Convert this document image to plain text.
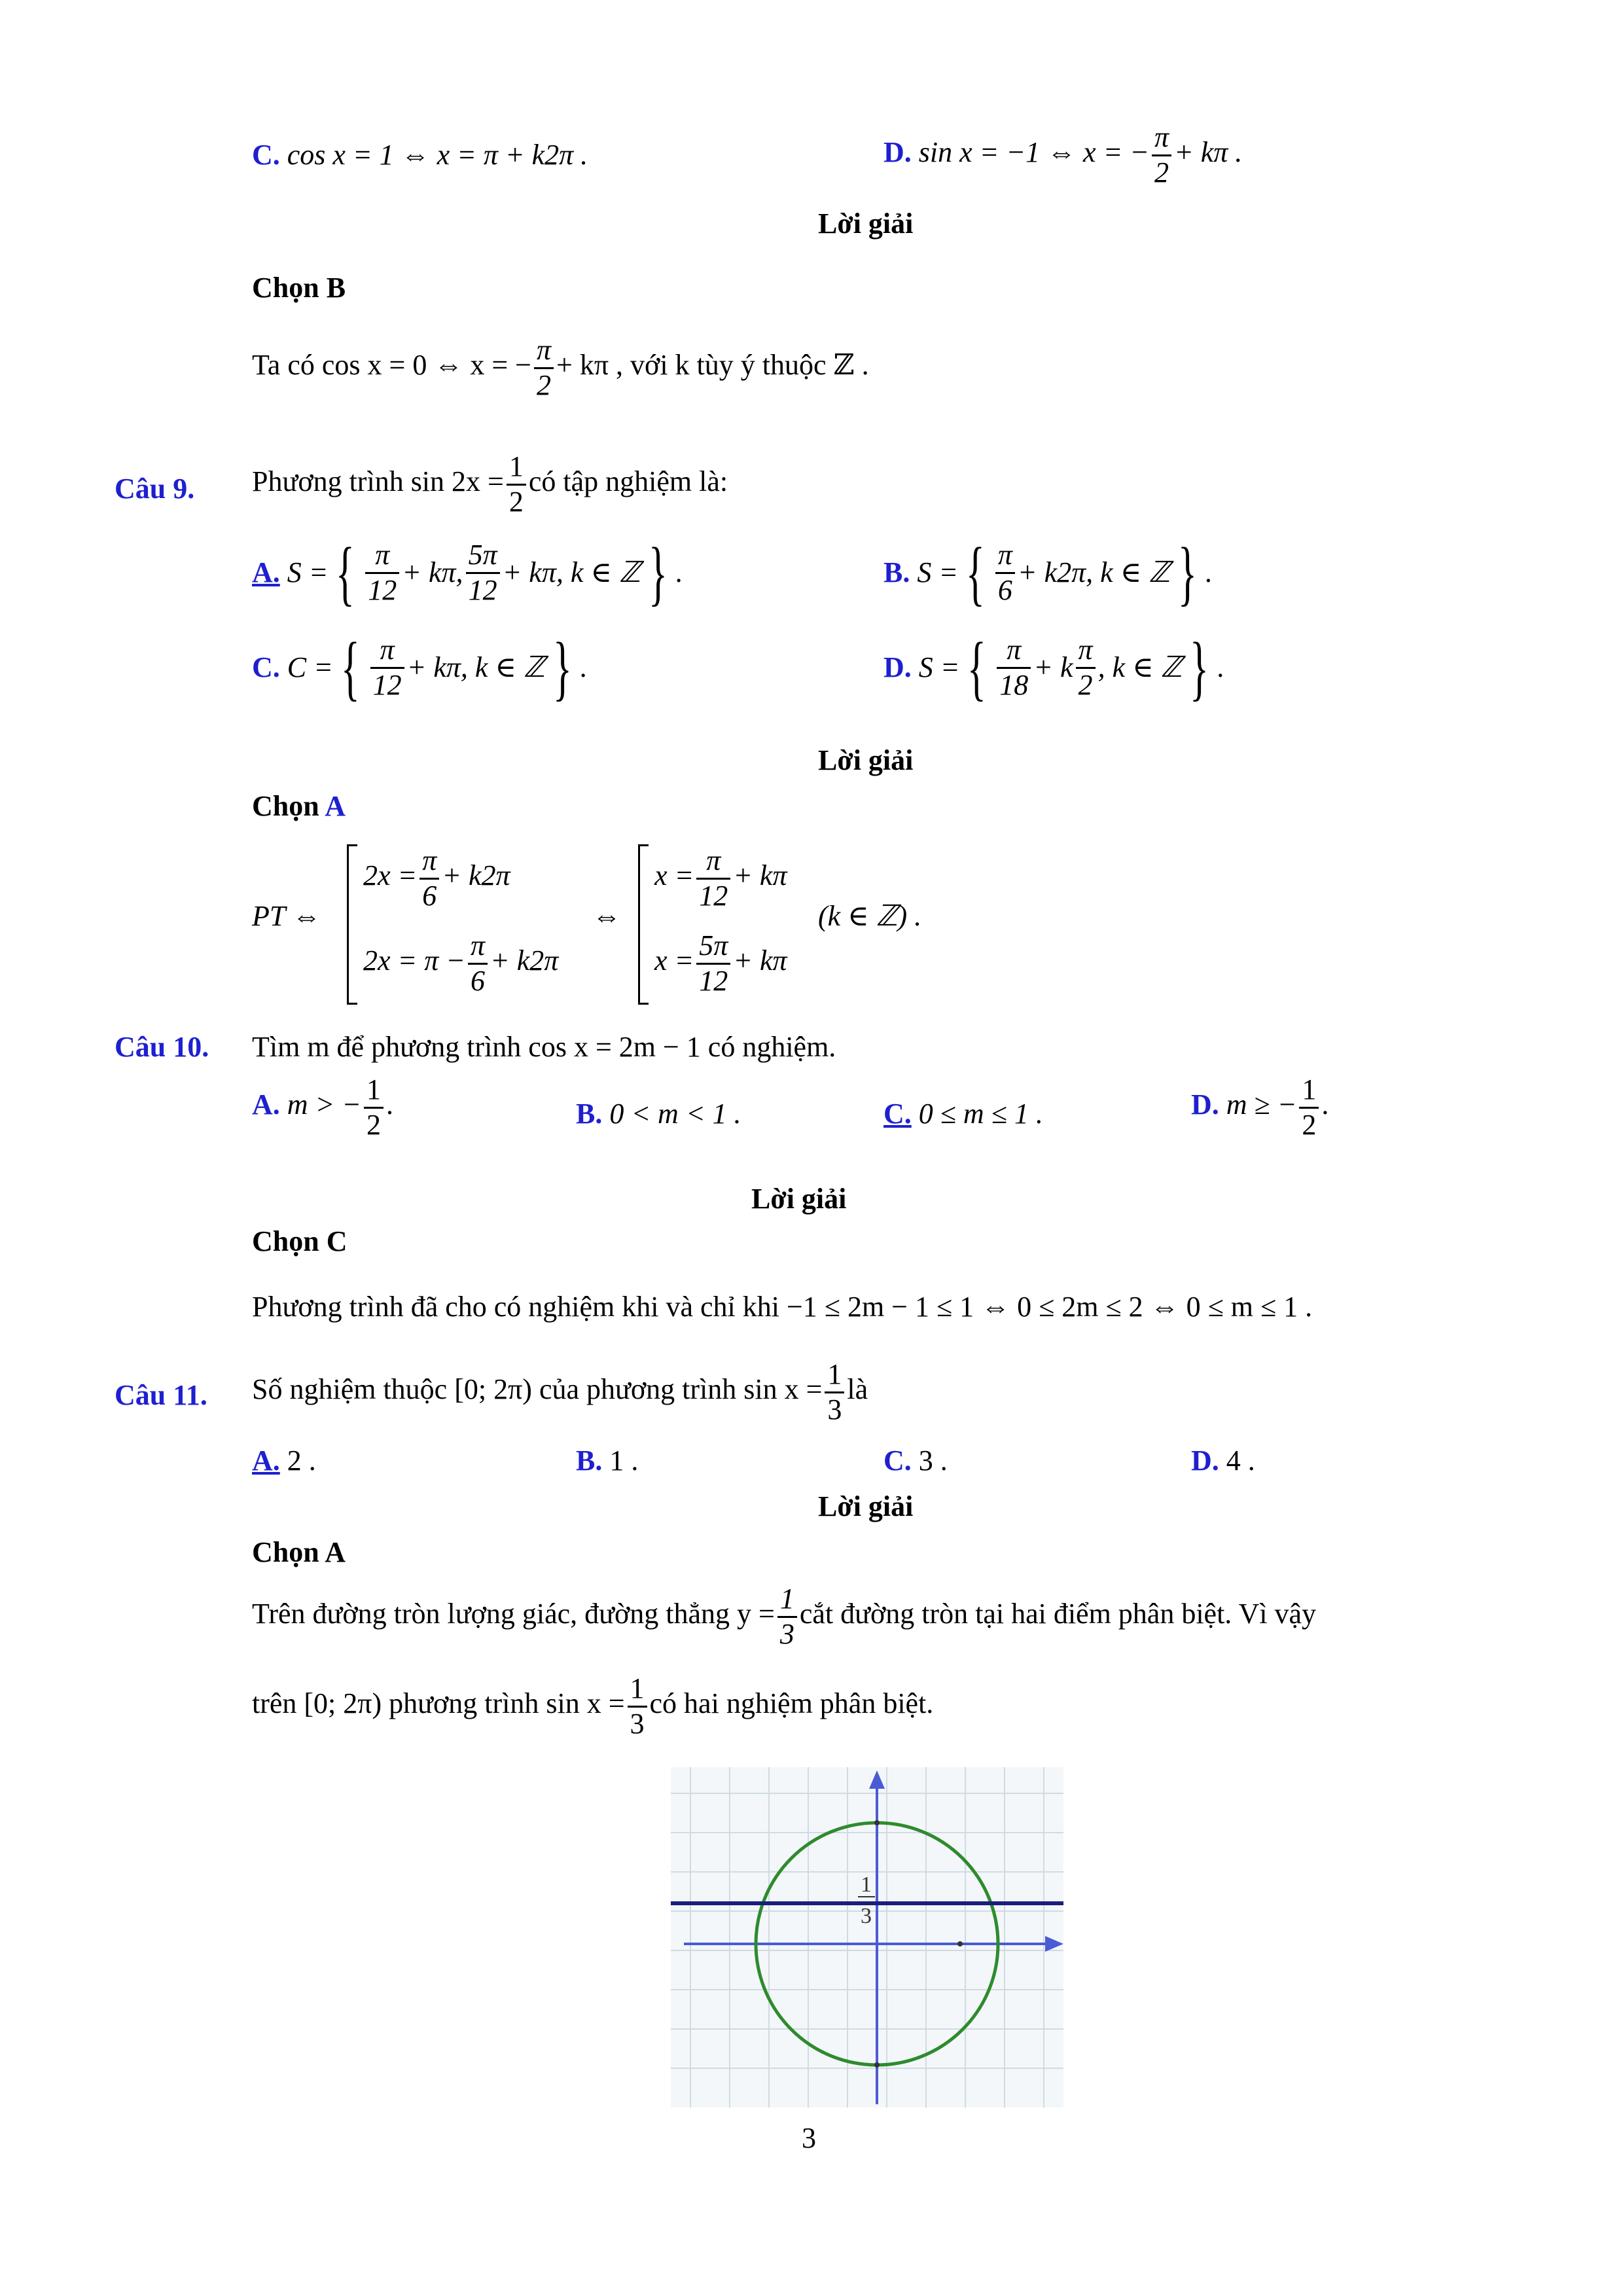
C. cos x = 1 ⇔ x = π + k2π .	D. sin x = −1 ⇔ x = − $\frac{\pi}{2} + k\pi$ .
Lời giải
Chọn B
Ta có cos x = 0 ⇔ x = − $\frac{\pi}{2} + k\pi$ , với k tùy ý thuộc ℤ .
Câu 9. Phương trình $\sin 2x = \frac{1}{2}$ có tập nghiệm là:
A.
S = { $\frac{\pi}{12} + k\pi$, $\frac{5\pi}{12} + k\pi$, k ∈ ℤ } .	B.
S = { $\frac{\pi}{6} + k2\pi$, k ∈ ℤ } .
C.
C = { $\frac{\pi}{12} + k\pi$, k ∈ ℤ } .	D.
S = { $\frac{\pi}{18} + k \frac{\pi}{2}$ , k ∈ ℤ } .
Lời giải
Chọn A
PT ⇔
$2x = \frac{\pi}{6} + k2\pi$
$2x = \pi - \frac{\pi}{6} + k2\pi$
⇔
$x = \frac{\pi}{12} + k\pi$
$x = \frac{5\pi}{12} + k\pi$
(k ∈ ℤ) .
Câu 10. Tìm m để phương trình cos x = 2m − 1 có nghiệm.
A. m > − $\frac{1}{2}$ .	B. 0 < m < 1 .	C. 0 ≤ m ≤ 1 .	D. m ≥ − $\frac{1}{2}$ .
Lời giải
Chọn C
Phương trình đã cho có nghiệm khi và chỉ khi −1 ≤ 2m − 1 ≤ 1 ⇔ 0 ≤ 2m ≤ 2 ⇔ 0 ≤ m ≤ 1 .
Câu 11. Số nghiệm thuộc [0; 2π) của phương trình $\sin x = \frac{1}{3}$ là
A. 2 .	B. 1 .	C. 3 .	D. 4 .
Lời giải
Chọn A
Trên đường tròn lượng giác, đường thẳng $y = \frac{1}{3}$ cắt đường tròn tại hai điểm phân biệt. Vì vậy
trên [0; 2π) phương trình $\sin x = \frac{1}{3}$ có hai nghiệm phân biệt.
1
3
3
